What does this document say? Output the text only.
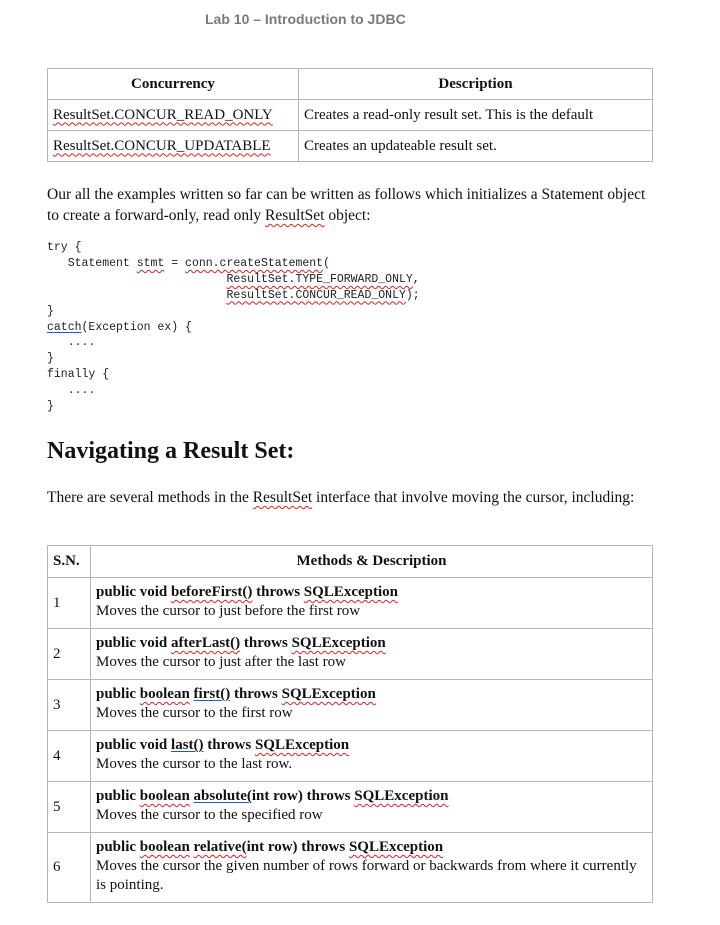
Lab 10 – Introduction to JDBC
Concurrency	Description
ResultSet.CONCUR_READ_ONLY	Creates a read-only result set. This is the default
ResultSet.CONCUR_UPDATABLE	Creates an updateable result set.
Our all the examples written so far can be written as follows which initializes a Statement object to create a forward-only, read only ResultSet object:
try {
Statement stmt = conn.createStatement(
ResultSet.TYPE_FORWARD_ONLY,
ResultSet.CONCUR_READ_ONLY);
}
catch(Exception ex) {
....
}
finally {
....
}
Navigating a Result Set:
There are several methods in the ResultSet interface that involve moving the cursor, including:
S.N.	Methods & Description
1	public void beforeFirst() throws SQLException
Moves the cursor to just before the first row
2	public void afterLast() throws SQLException
Moves the cursor to just after the last row
3	public boolean first() throws SQLException
Moves the cursor to the first row
4	public void last() throws SQLException
Moves the cursor to the last row.
5	public boolean absolute(int row) throws SQLException
Moves the cursor to the specified row
6	public boolean relative(int row) throws SQLException
Moves the cursor the given number of rows forward or backwards from where it currently is pointing.
